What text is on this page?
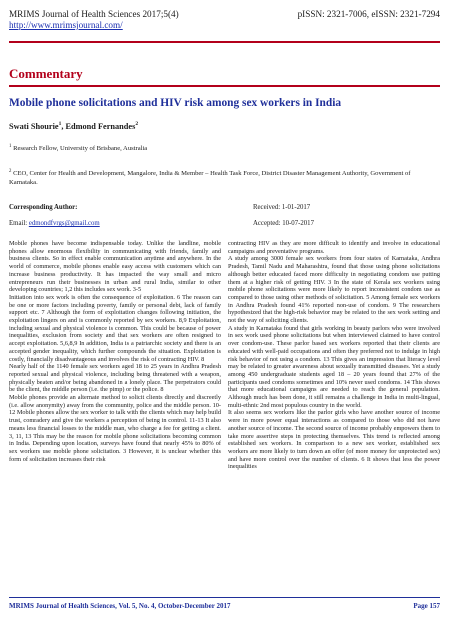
MRIMS Journal of Health Sciences 2017;5(4)	pISSN: 2321-7006, eISSN: 2321-7294
http://www.mrimsjournal.com/
Commentary
Mobile phone solicitations and HIV risk among sex workers in India
Swati Shourie$^1$, Edmond Fernandes$^2$
$^1$ Research Fellow, University of Brisbane, Australia
$^2$ CEO, Center for Health and Development, Mangalore, India & Member – Health Task Force, District Disaster Management Authority, Government of Karnataka.
Corresponding Author:
Email: edmondfvrgs@gmail.com
Received: 1-01-2017
Accepted: 10-07-2017

Mobile phones have become indispensable today. Unlike the landline, mobile phones allow enormous flexibility in communicating with friends, family and business clients. So in effect enable communication anytime and anywhere. In the world of commerce, mobile phones enable easy access with customers which can increase business productivity. It has impacted the way small and micro entrepreneurs run their businesses in urban and rural India, similar to other developing countries; 1,2 this includes sex work. 3-5

Initiation into sex work is often the consequence of exploitation. 6 The reason can be one or more factors including poverty, family or personal debt, lack of family support etc. 7 Although the form of exploitation changes following initiation, the exploitation lingers on and is commonly reported by sex workers. 8,9 Exploitation, including sexual and physical violence is common. This could be because of power inequalities, exclusion from society and that sex workers are often resigned to accept exploitation. 5,6,8,9 In addition, India is a patriarchic society and there is an accepted gender inequality, which further compounds the situation. Exploitation is costly, financially disadvantageous and involves the risk of contracting HIV. 8

Nearly half of the 1140 female sex workers aged 18 to 25 years in Andhra Pradesh reported sexual and physical violence, including being threatened with a weapon, physically beaten and/or being abandoned in a lonely place. The perpetrators could be the client, the middle person (i.e. the pimp) or the police. 8

Mobile phones provide an alternate method to solicit clients directly and discreetly (i.e. allow anonymity) away from the community, police and the middle person. 10-12 Mobile phones allow the sex worker to talk with the clients which may help build trust, comradery and give the workers a perception of being in control. 11-13 It also means less financial losses to the middle man, who charge a fee for getting a client. 3, 11, 13 This may be the reason for mobile phone solicitations becoming common in India. Depending upon location, surveys have found that nearly 45% to 80% of sex workers use mobile phone solicitation. 3 However, it is unclear whether this form of solicitation increases their risk

contracting HIV as they are more difficult to identify and involve in educational campaigns and preventative programs.

A study among 3000 female sex workers from four states of Karnataka, Andhra Pradesh, Tamil Nadu and Maharashtra, found that those using phone solicitations although better educated faced more difficulty in negotiating condom use putting them at a higher risk of getting HIV. 3 In the state of Kerala sex workers using mobile phone solicitations were more likely to report inconsistent condom use as compared to those using other methods of solicitation. 5 Among female sex workers in Andhra Pradesh found 41% reported non-use of condom. 9 The researchers hypothesized that the high-risk behavior may be related to the sex work setting and not the way of soliciting clients.

A study in Karnataka found that girls working in beauty parlors who were involved in sex work used phone solicitations but when interviewed claimed to have control over condom-use. These parlor based sex workers reported that their clients are educated with well-paid occupations and often they preferred not to indulge in high risk behavior of not using a condom. 13 This gives an impression that literacy level may be related to greater awareness about sexually transmitted diseases. Yet a study among 450 undergraduate students aged 18 – 20 years found that 27% of the participants used condoms sometimes and 10% never used condoms. 14 This shows that more educational campaigns are needed to reach the general population. Although much has been done, it still remains a challenge in India in multi-lingual, multi-ethnic 2nd most populous country in the world.

It also seems sex workers like the parlor girls who have another source of income were in more power equal interactions as compared to those who did not have another source of income. The second source of income probably empowers them to take more assertive steps in protecting themselves. This trend is reflected among established sex workers. In comparison to a new sex worker, established sex workers are more likely to turn down an offer (of more money for unprotected sex) and have more control over the number of clients. 6 It shows that less the power inequalities

MRIMS Journal of Health Sciences, Vol. 5, No. 4, October-December 2017	Page 157
